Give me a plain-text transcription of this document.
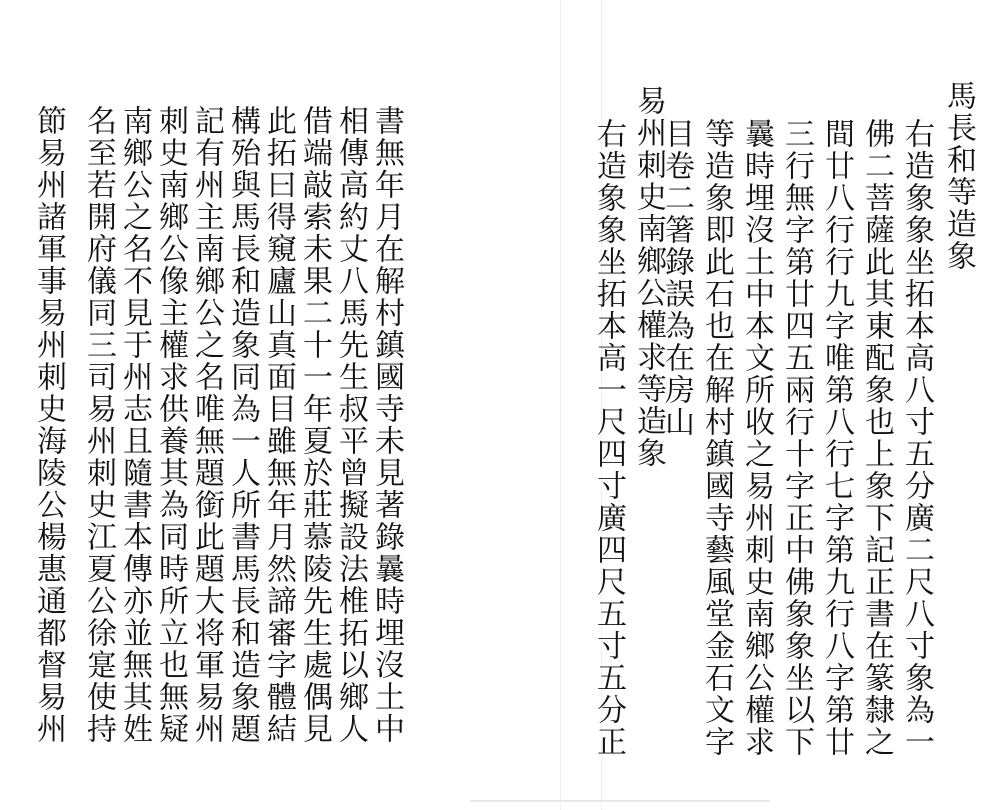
馬長和等造象
右造象象坐拓本高八寸五分廣二尺八寸象為一
佛二菩薩此其東配象也上象下記正書在篆隸之
間廿八行行九字唯第八行七字第九行八字第廿
三行無字第廿四五兩行十字正中佛象象坐以下
曩時埋沒土中本文所收之易州刺史南鄉公權求
等造象即此石也在解村鎮國寺藝風堂金石文字
目卷二箸錄誤為在房山
易州刺史南鄉公權求等造象
右造象象坐拓本高一尺四寸廣四尺五寸五分正
書無年月在解村鎮國寺未見著錄曩時埋沒土中
相傳高約丈八馬先生叔平曾擬設法椎拓以鄉人
借端敲索未果二十一年夏於莊慕陵先生處偶見
此拓曰得窺廬山真面目雖無年月然諦審字體結
構殆與馬長和造象同為一人所書馬長和造象題
記有州主南鄉公之名唯無題銜此題大将軍易州
刺史南鄉公像主權求供養其為同時所立也無疑
南鄉公之名不見于州志且隨書本傳亦並無其姓
名至若開府儀同三司易州刺史江夏公徐寔使持
節易州諸軍事易州刺史海陵公楊惠通都督易州
